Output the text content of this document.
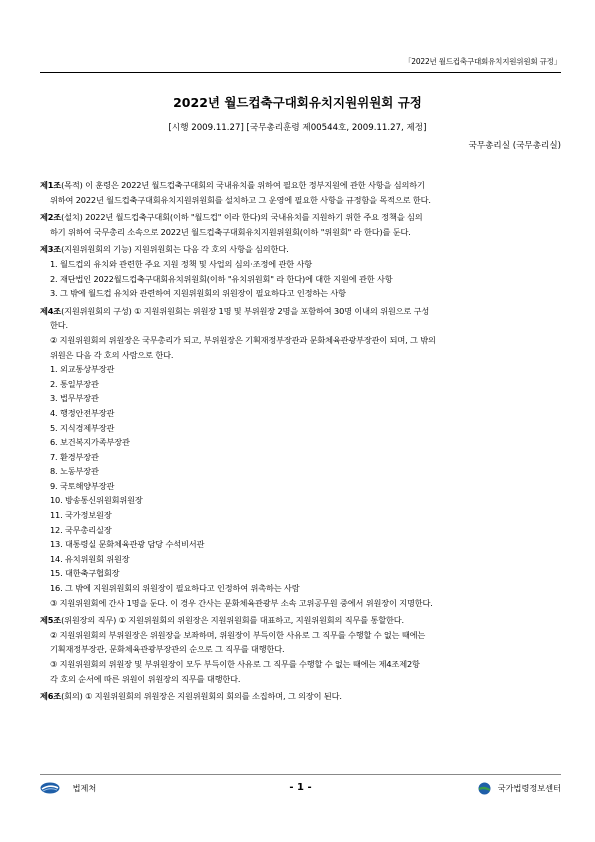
「2022년 월드컵축구대회유치지원위원회 규정」
2022년 월드컵축구대회유치지원위원회 규정
[시행 2009.11.27] [국무총리훈령 제00544호, 2009.11.27, 제정]
국무총리실 (국무총리실)
제1조(목적) 이 훈령은 2022년 월드컵축구대회의 국내유치를 위하여 필요한 정부지원에 관한 사항을 심의하기
위하여 2022년 월드컵축구대회유치지원위원회를 설치하고 그 운영에 필요한 사항을 규정함을 목적으로 한다.
제2조(설치) 2022년 월드컵축구대회(이하 "월드컵" 이라 한다)의 국내유치를 지원하기 위한 주요 정책을 심의
하기 위하여 국무총리 소속으로 2022년 월드컵축구대회유치지원위원회(이하 "위원회" 라 한다)를 둔다.
제3조(지원위원회의 기능) 지원위원회는 다음 각 호의 사항을 심의한다.
1. 월드컵의 유치와 관련한 주요 지원 정책 및 사업의 심의·조정에 관한 사항
2. 재단법인 2022월드컵축구대회유치위원회(이하 "유치위원회" 라 한다)에 대한 지원에 관한 사항
3. 그 밖에 월드컵 유치와 관련하여 지원위원회의 위원장이 필요하다고 인정하는 사항
제4조(지원위원회의 구성) ① 지원위원회는 위원장 1명 및 부위원장 2명을 포함하여 30명 이내의 위원으로 구성
한다.
② 지원위원회의 위원장은 국무총리가 되고, 부위원장은 기획재정부장관과 문화체육관광부장관이 되며, 그 밖의
위원은 다음 각 호의 사람으로 한다.
1. 외교통상부장관
2. 통일부장관
3. 법무부장관
4. 행정안전부장관
5. 지식경제부장관
6. 보건복지가족부장관
7. 환경부장관
8. 노동부장관
9. 국토해양부장관
10. 방송통신위원회위원장
11. 국가정보원장
12. 국무총리실장
13. 대통령실 문화체육관광 담당 수석비서관
14. 유치위원회 위원장
15. 대한축구협회장
16. 그 밖에 지원위원회의 위원장이 필요하다고 인정하여 위촉하는 사람
③ 지원위원회에 간사 1명을 둔다. 이 경우 간사는 문화체육관광부 소속 고위공무원 중에서 위원장이 지명한다.
제5조(위원장의 직무) ① 지원위원회의 위원장은 지원위원회를 대표하고, 지원위원회의 직무를 통할한다.
② 지원위원회의 부위원장은 위원장을 보좌하며, 위원장이 부득이한 사유로 그 직무를 수행할 수 없는 때에는
기획재정부장관, 문화체육관광부장관의 순으로 그 직무를 대행한다.
③ 지원위원회의 위원장 및 부위원장이 모두 부득이한 사유로 그 직무를 수행할 수 없는 때에는 제4조제2항
각 호의 순서에 따른 위원이 위원장의 직무를 대행한다.
제6조(회의) ① 지원위원회의 위원장은 지원위원회의 회의를 소집하며, 그 의장이 된다.
법제처	- 1 -	국가법령정보센터
